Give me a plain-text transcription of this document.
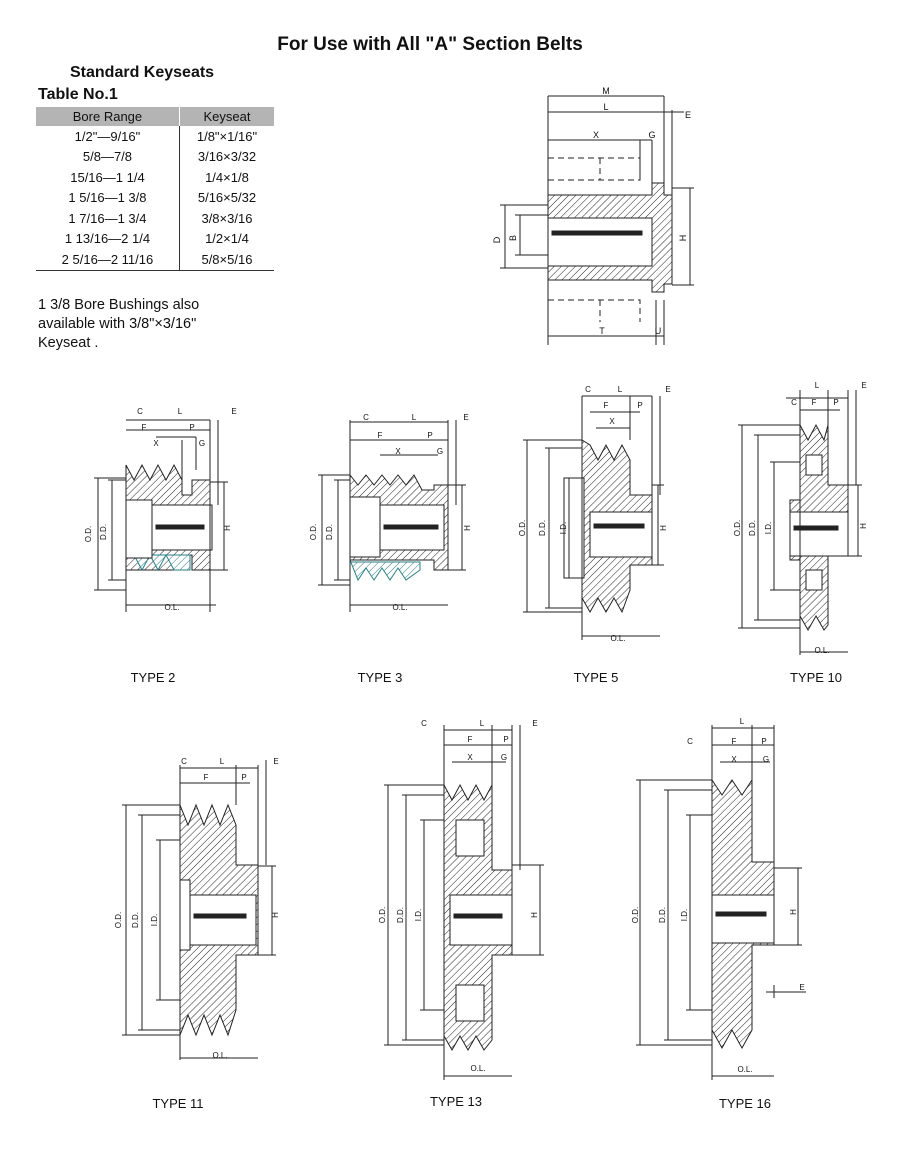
For Use with All "A" Section Belts
Standard Keyseats
Table No.1
Bore Range	Keyseat
1/2"—9/16"	1/8"×1/16"
5/8—7/8	3/16×3/32
15/16—1 1/4	1/4×1/8
1 5/16—1 3/8	5/16×5/32
1 7/16—1 3/4	3/8×3/16
1 13/16—2 1/4	1/2×1/4
2 5/16—2 11/16	5/8×5/16
1 3/8 Bore Bushings also
available with 3/8"×3/16"
Keyseat .
M
L
E
X	G
T	U
D B	H
C	L	E
F	P
X	G
O.L.
O.D. D.D.	H
TYPE 2
C	L	E
F	P
X	G
O.L.
O.D. D.D.	H
TYPE 3
C	L	E
F	P
X
O.L.
O.D. D.D. I.D.	H
TYPE 5
L	E
C F P
O.L.
O.D. D.D. I.D.	H
TYPE 10
C	L	E
F	P
O.L.
O.D. D.D. I.D.	H
TYPE 11
C	L	E
F	P
X	G
O.L.
O.D. D.D. I.D.	H
TYPE 13
L
C	F	P
X	G
E
O.L.
O.D. D.D. I.D.	H
TYPE 16
